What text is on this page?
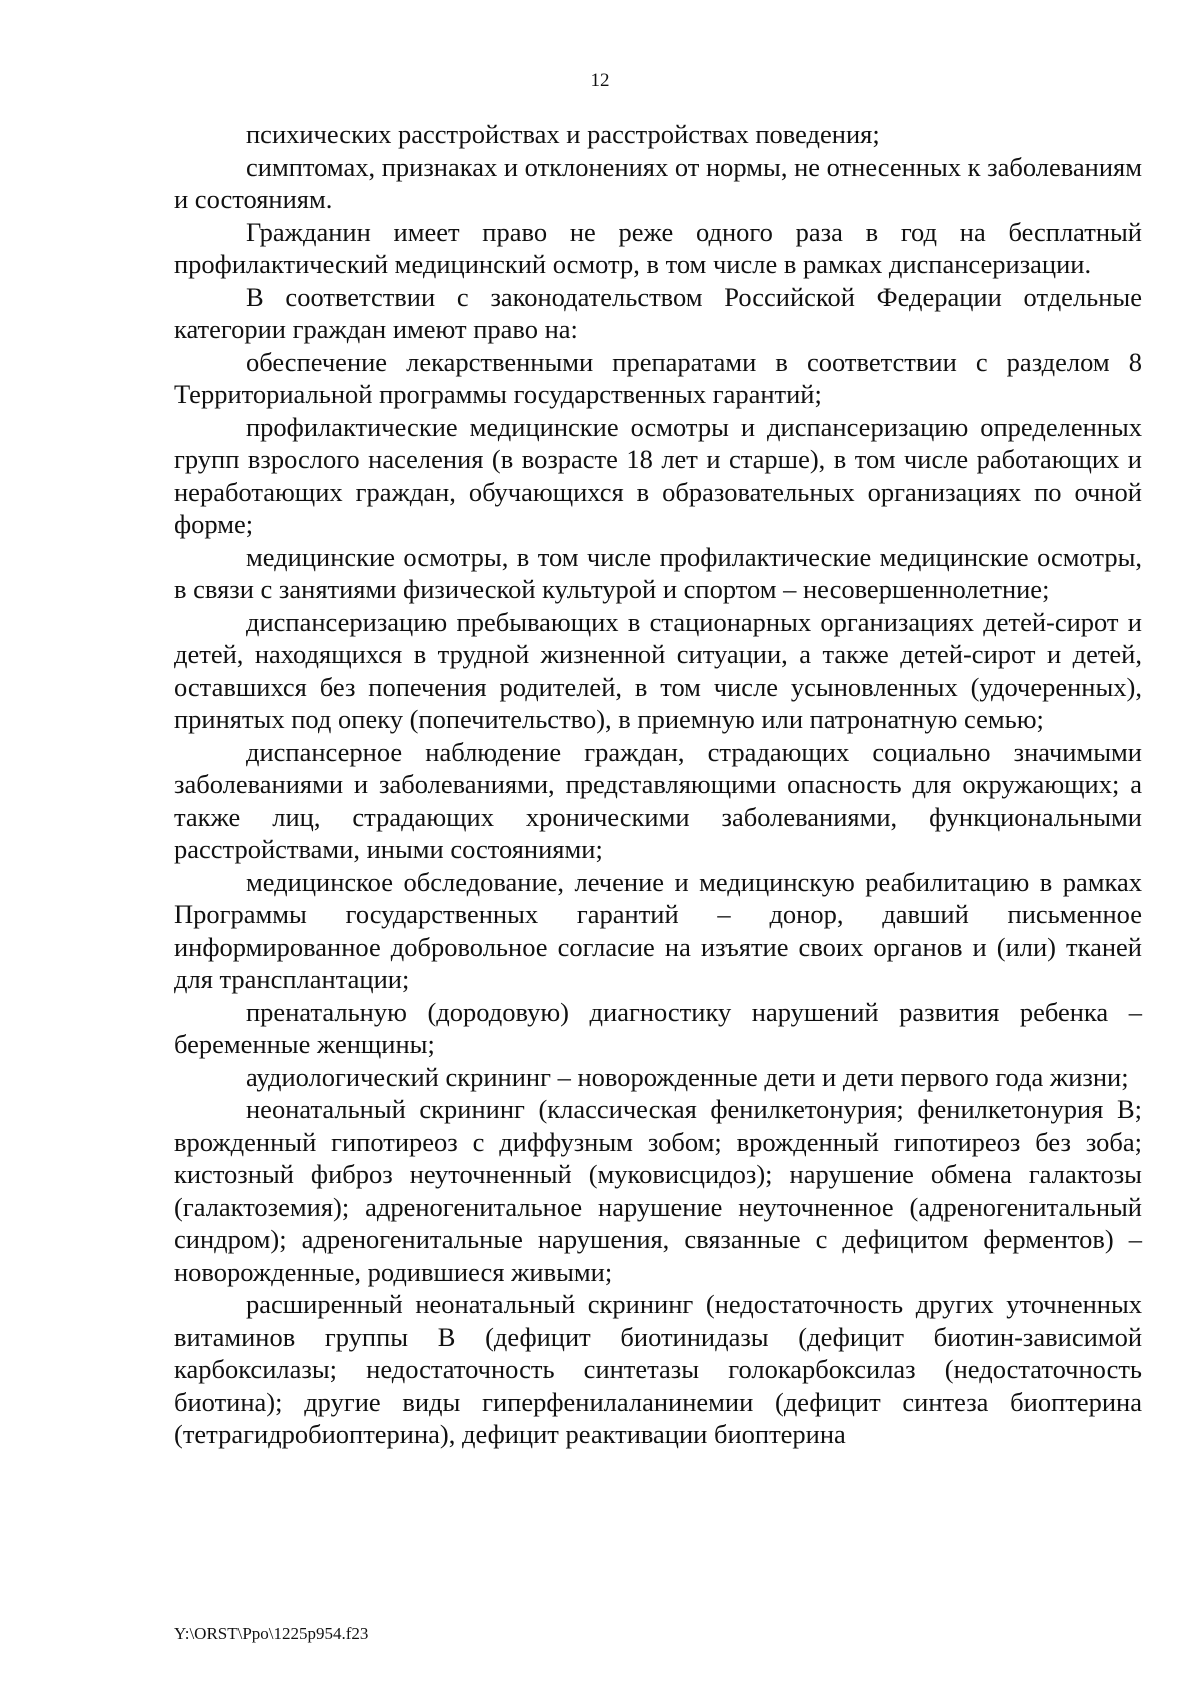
12

психических расстройствах и расстройствах поведения;

симптомах, признаках и отклонениях от нормы, не отнесенных к заболеваниям и состояниям.

Гражданин имеет право не реже одного раза в год на бесплатный профилактический медицинский осмотр, в том числе в рамках диспансеризации.

В соответствии с законодательством Российской Федерации отдельные категории граждан имеют право на:

обеспечение лекарственными препаратами в соответствии с разделом 8 Территориальной программы государственных гарантий;

профилактические медицинские осмотры и диспансеризацию определенных групп взрослого населения (в возрасте 18 лет и старше), в том числе работающих и неработающих граждан, обучающихся в образовательных организациях по очной форме;

медицинские осмотры, в том числе профилактические медицинские осмотры, в связи с занятиями физической культурой и спортом – несовершеннолетние;

диспансеризацию пребывающих в стационарных организациях детей-сирот и детей, находящихся в трудной жизненной ситуации, а также детей-сирот и детей, оставшихся без попечения родителей, в том числе усыновленных (удочеренных), принятых под опеку (попечительство), в приемную или патронатную семью;

диспансерное наблюдение граждан, страдающих социально значимыми заболеваниями и заболеваниями, представляющими опасность для окружающих; а также лиц, страдающих хроническими заболеваниями, функциональными расстройствами, иными состояниями;

медицинское обследование, лечение и медицинскую реабилитацию в рамках Программы государственных гарантий – донор, давший письменное информированное добровольное согласие на изъятие своих органов и (или) тканей для трансплантации;

пренатальную (дородовую) диагностику нарушений развития ребенка – беременные женщины;

аудиологический скрининг – новорожденные дети и дети первого года жизни;

неонатальный скрининг (классическая фенилкетонурия; фенилкетонурия B; врожденный гипотиреоз с диффузным зобом; врожденный гипотиреоз без зоба; кистозный фиброз неуточненный (муковисцидоз); нарушение обмена галактозы (галактоземия); адреногенитальное нарушение неуточненное (адреногенитальный синдром); адреногенитальные нарушения, связанные с дефицитом ферментов) – новорожденные, родившиеся живыми;

расширенный неонатальный скрининг (недостаточность других уточненных витаминов группы B (дефицит биотинидазы (дефицит биотин-зависимой карбоксилазы; недостаточность синтетазы голокарбоксилаз (недостаточность биотина); другие виды гиперфенилаланинемии (дефицит синтеза биоптерина (тетрагидробиоптерина), дефицит реактивации биоптерина

Y:\ORST\Ppo\1225p954.f23
